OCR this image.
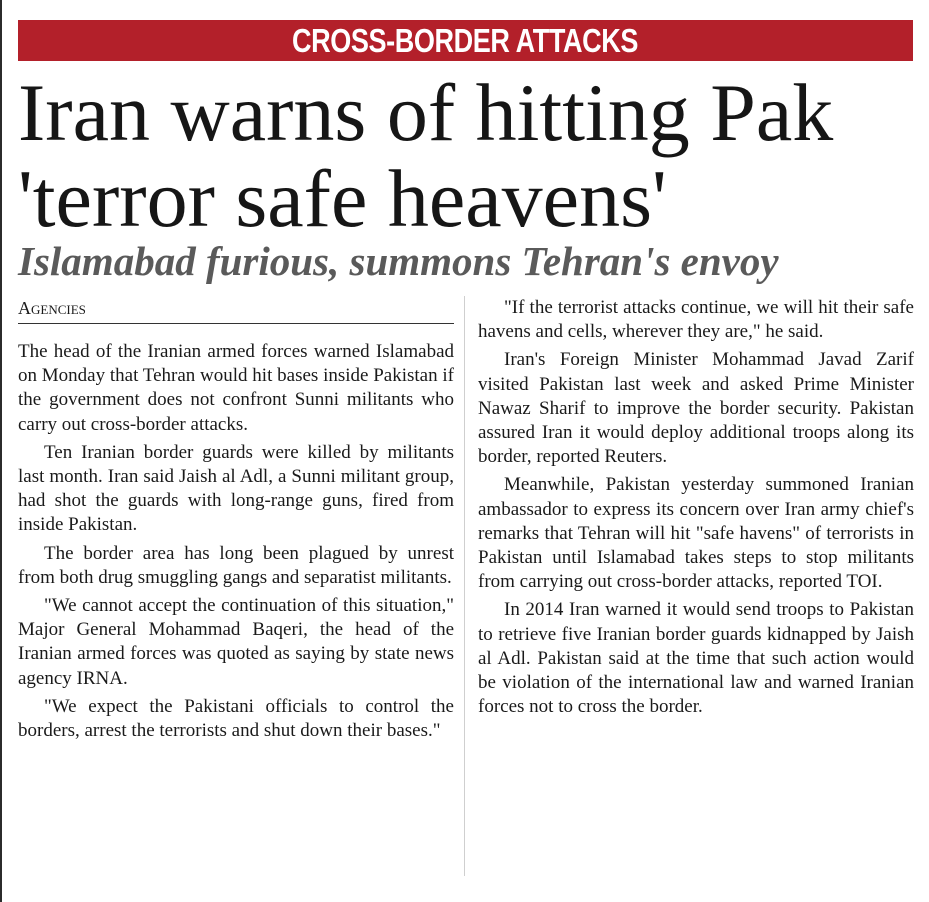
CROSS-BORDER ATTACKS
Iran warns of hitting Pak
'terror safe heavens'
Islamabad furious, summons Tehran's envoy
Agencies

The head of the Iranian armed forces warned Islamabad on Monday that Tehran would hit bases inside Pakistan if the government does not confront Sunni militants who carry out cross-border attacks.

Ten Iranian border guards were killed by militants last month. Iran said Jaish al Adl, a Sunni militant group, had shot the guards with long-range guns, fired from inside Pakistan.

The border area has long been plagued by unrest from both drug smuggling gangs and separatist militants.

"We cannot accept the continuation of this situation," Major General Mohammad Baqeri, the head of the Iranian armed forces was quoted as saying by state news agency IRNA.

"We expect the Pakistani officials to control the borders, arrest the terrorists and shut down their bases."

"If the terrorist attacks continue, we will hit their safe havens and cells, wherever they are," he said.

Iran's Foreign Minister Mohammad Javad Zarif visited Pakistan last week and asked Prime Minister Nawaz Sharif to improve the border security. Pakistan assured Iran it would deploy additional troops along its border, reported Reuters.

Meanwhile, Pakistan yesterday summoned Iranian ambassador to express its concern over Iran army chief's remarks that Tehran will hit "safe havens" of terrorists in Pakistan until Islamabad takes steps to stop militants from carrying out cross-border attacks, reported TOI.

In 2014 Iran warned it would send troops to Pakistan to retrieve five Iranian border guards kidnapped by Jaish al Adl. Pakistan said at the time that such action would be violation of the international law and warned Iranian forces not to cross the border.
